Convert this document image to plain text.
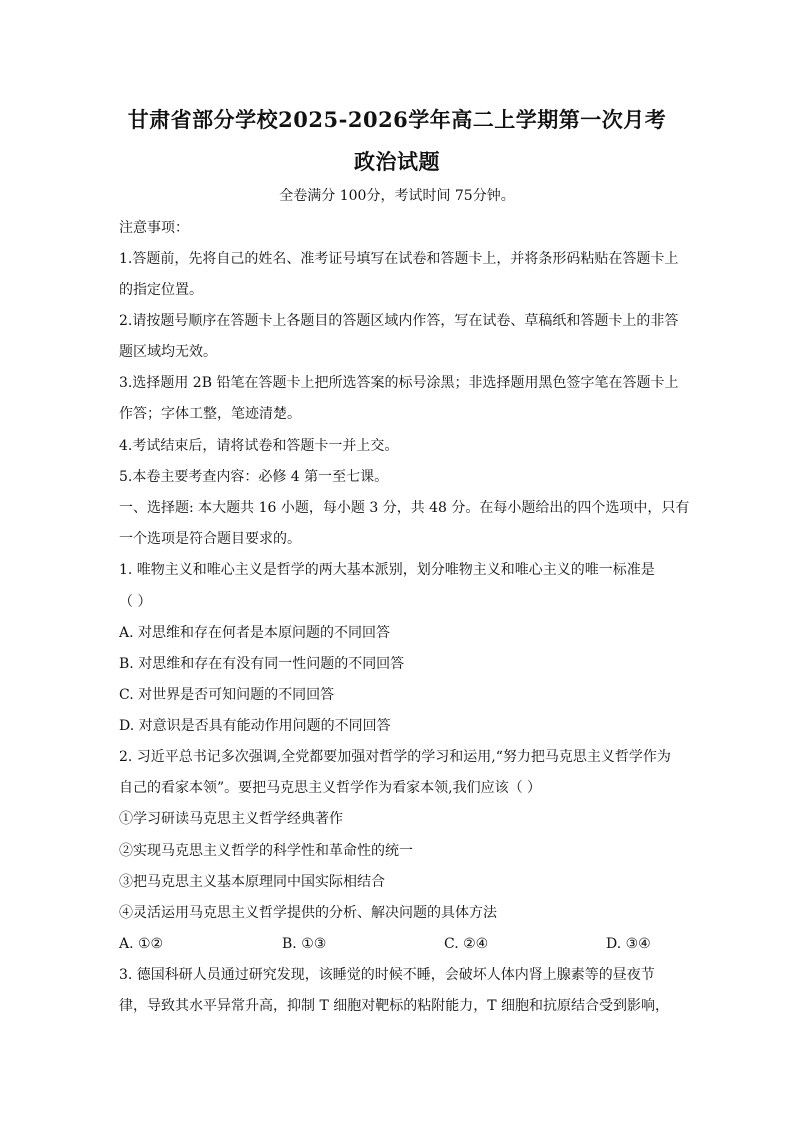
甘肃省部分学校2025-2026学年高二上学期第一次月考
政治试题
全卷满分 100分，考试时间 75分钟。
注意事项：
1.答题前，先将自己的姓名、准考证号填写在试卷和答题卡上，并将条形码粘贴在答题卡上
的指定位置。
2.请按题号顺序在答题卡上各题目的答题区域内作答，写在试卷、草稿纸和答题卡上的非答
题区域均无效。
3.选择题用 2B 铅笔在答题卡上把所选答案的标号涂黑；非选择题用黑色签字笔在答题卡上
作答；字体工整，笔迹清楚。
4.考试结束后，请将试卷和答题卡一并上交。
5.本卷主要考查内容：必修 4 第一至七课。
一、选择题: 本大题共 16 小题，每小题 3 分，共 48 分。在每小题给出的四个选项中，只有
一个选项是符合题目要求的。
1. 唯物主义和唯心主义是哲学的两大基本派别，划分唯物主义和唯心主义的唯一标准是
（ ）
A. 对思维和存在何者是本原问题的不同回答
B. 对思维和存在有没有同一性问题的不同回答
C. 对世界是否可知问题的不同回答
D. 对意识是否具有能动作用问题的不同回答
2. 习近平总书记多次强调,全党都要加强对哲学的学习和运用,“努力把马克思主义哲学作为
自己的看家本领”。要把马克思主义哲学作为看家本领,我们应该（ ）
①学习研读马克思主义哲学经典著作
②实现马克思主义哲学的科学性和革命性的统一
③把马克思主义基本原理同中国实际相结合
④灵活运用马克思主义哲学提供的分析、解决问题的具体方法
A. ①②	B. ①③	C. ②④	D. ③④
3. 德国科研人员通过研究发现，该睡觉的时候不睡，会破坏人体内肾上腺素等的昼夜节
律，导致其水平异常升高，抑制 T 细胞对靶标的粘附能力，T 细胞和抗原结合受到影响，
